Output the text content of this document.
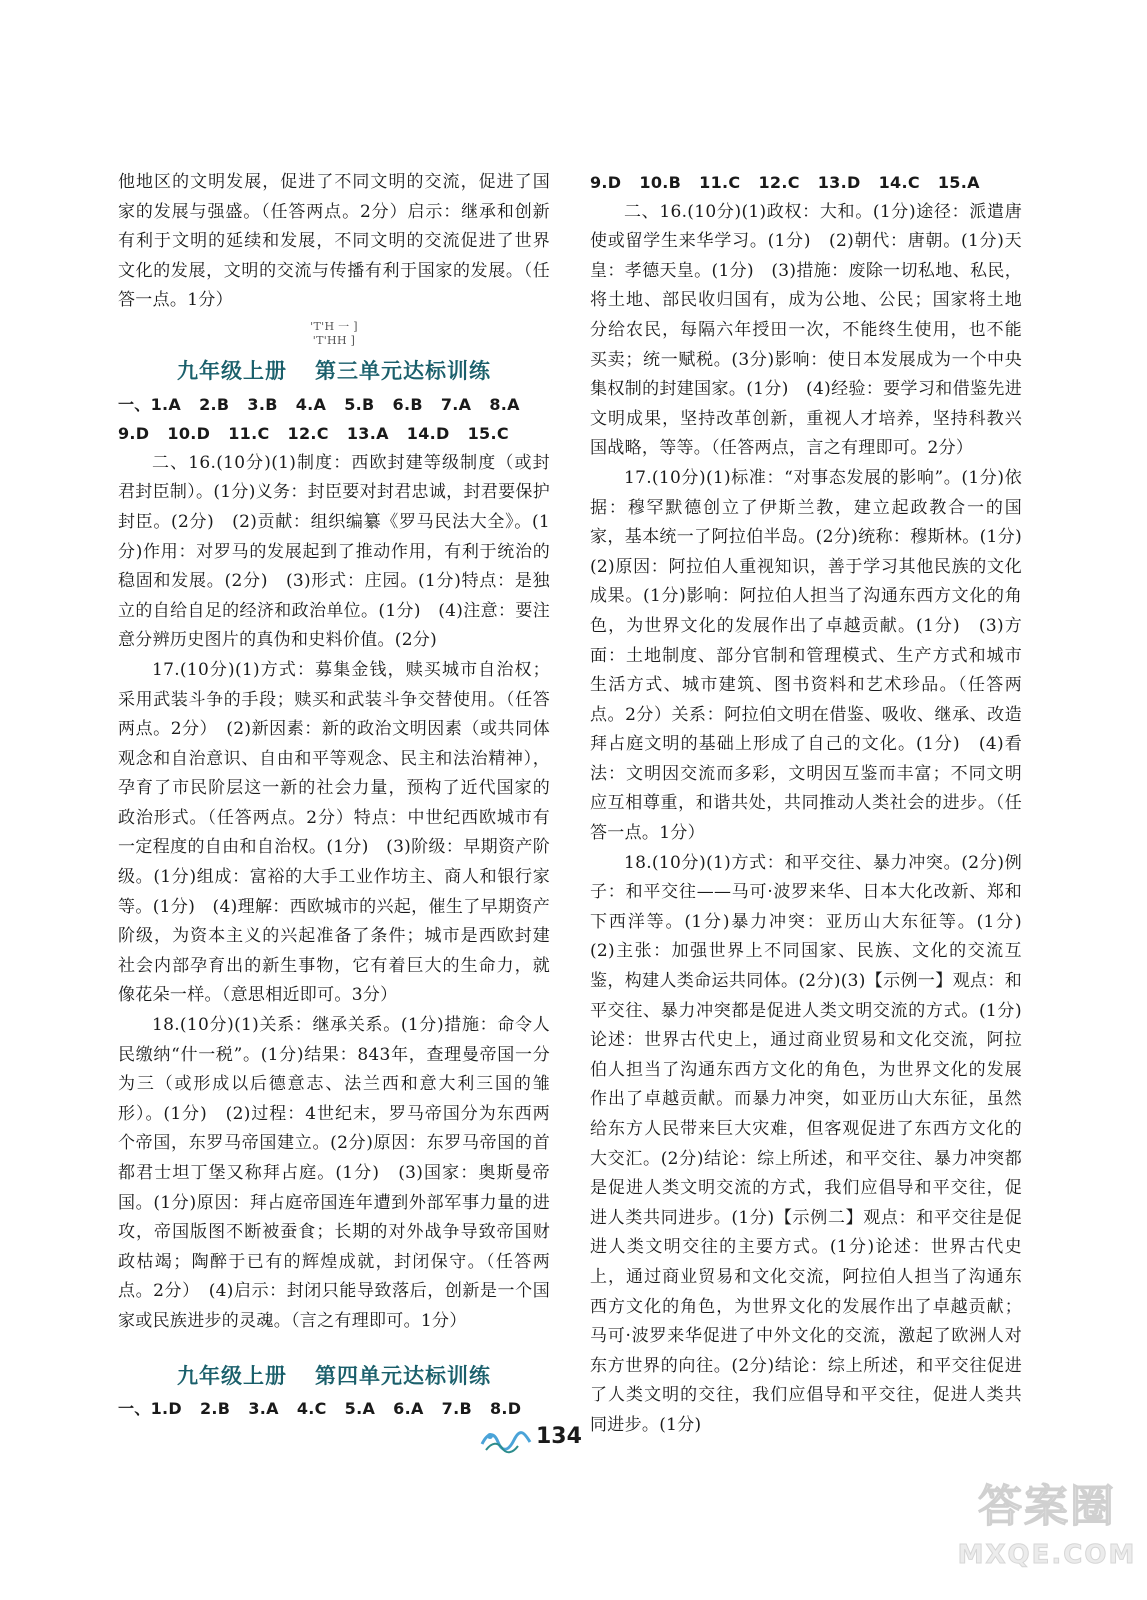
他地区的文明发展，促进了不同文明的交流，促进了国家的发展与强盛。（任答两点。2分）启示：继承和创新有利于文明的延续和发展，不同文明的交流促进了世界文化的发展，文明的交流与传播有利于国家的发展。（任答一点。1分）

'T'H 一 ]
'T'HH ]
九年级上册 第三单元达标训练
一、1.A 2.B 3.B 4.A 5.B 6.B 7.A 8.A
9.D 10.D 11.C 12.C 13.A 14.D 15.C

二、16.(10分)(1)制度：西欧封建等级制度（或封君封臣制）。(1分)义务：封臣要对封君忠诚，封君要保护封臣。(2分)　(2)贡献：组织编纂《罗马民法大全》。(1分)作用：对罗马的发展起到了推动作用，有利于统治的稳固和发展。(2分)　(3)形式：庄园。(1分)特点：是独立的自给自足的经济和政治单位。(1分)　(4)注意：要注意分辨历史图片的真伪和史料价值。(2分)

17.(10分)(1)方式：募集金钱，赎买城市自治权；采用武装斗争的手段；赎买和武装斗争交替使用。（任答两点。2分）　(2)新因素：新的政治文明因素（或共同体观念和自治意识、自由和平等观念、民主和法治精神），孕育了市民阶层这一新的社会力量，预构了近代国家的政治形式。（任答两点。2分）特点：中世纪西欧城市有一定程度的自由和自治权。(1分)　(3)阶级：早期资产阶级。(1分)组成：富裕的大手工业作坊主、商人和银行家等。(1分)　(4)理解：西欧城市的兴起，催生了早期资产阶级，为资本主义的兴起准备了条件；城市是西欧封建社会内部孕育出的新生事物，它有着巨大的生命力，就像花朵一样。（意思相近即可。3分）

18.(10分)(1)关系：继承关系。(1分)措施：命令人民缴纳“什一税”。(1分)结果：843年，查理曼帝国一分为三（或形成以后德意志、法兰西和意大利三国的雏形）。(1分)　(2)过程：4世纪末，罗马帝国分为东西两个帝国，东罗马帝国建立。(2分)原因：东罗马帝国的首都君士坦丁堡又称拜占庭。(1分)　(3)国家：奥斯曼帝国。(1分)原因：拜占庭帝国连年遭到外部军事力量的进攻，帝国版图不断被蚕食；长期的对外战争导致帝国财政枯竭；陶醉于已有的辉煌成就，封闭保守。（任答两点。2分）　(4)启示：封闭只能导致落后，创新是一个国家或民族进步的灵魂。（言之有理即可。1分）

九年级上册 第四单元达标训练
一、1.D 2.B 3.A 4.C 5.A 6.A 7.B 8.D
9.D 10.B 11.C 12.C 13.D 14.C 15.A

二、16.(10分)(1)政权：大和。(1分)途径：派遣唐使或留学生来华学习。(1分)　(2)朝代：唐朝。(1分)天皇：孝德天皇。(1分)　(3)措施：废除一切私地、私民，将土地、部民收归国有，成为公地、公民；国家将土地分给农民，每隔六年授田一次，不能终生使用，也不能买卖；统一赋税。(3分)影响：使日本发展成为一个中央集权制的封建国家。(1分)　(4)经验：要学习和借鉴先进文明成果，坚持改革创新，重视人才培养，坚持科教兴国战略，等等。（任答两点，言之有理即可。2分）

17.(10分)(1)标准：“对事态发展的影响”。(1分)依据：穆罕默德创立了伊斯兰教，建立起政教合一的国家，基本统一了阿拉伯半岛。(2分)统称：穆斯林。(1分)　(2)原因：阿拉伯人重视知识，善于学习其他民族的文化成果。(1分)影响：阿拉伯人担当了沟通东西方文化的角色，为世界文化的发展作出了卓越贡献。(1分)　(3)方面：土地制度、部分官制和管理模式、生产方式和城市生活方式、城市建筑、图书资料和艺术珍品。（任答两点。2分）关系：阿拉伯文明在借鉴、吸收、继承、改造拜占庭文明的基础上形成了自己的文化。(1分)　(4)看法：文明因交流而多彩，文明因互鉴而丰富；不同文明应互相尊重，和谐共处，共同推动人类社会的进步。（任答一点。1分）

18.(10分)(1)方式：和平交往、暴力冲突。(2分)例子：和平交往——马可·波罗来华、日本大化改新、郑和下西洋等。(1分)暴力冲突：亚历山大东征等。(1分)　(2)主张：加强世界上不同国家、民族、文化的交流互鉴，构建人类命运共同体。(2分)(3)【示例一】观点：和平交往、暴力冲突都是促进人类文明交流的方式。(1分)论述：世界古代史上，通过商业贸易和文化交流，阿拉伯人担当了沟通东西方文化的角色，为世界文化的发展作出了卓越贡献。而暴力冲突，如亚历山大东征，虽然给东方人民带来巨大灾难，但客观促进了东西方文化的大交汇。(2分)结论：综上所述，和平交往、暴力冲突都是促进人类文明交流的方式，我们应倡导和平交往，促进人类共同进步。(1分)【示例二】观点：和平交往是促进人类文明交往的主要方式。(1分)论述：世界古代史上，通过商业贸易和文化交流，阿拉伯人担当了沟通东西方文化的角色，为世界文化的发展作出了卓越贡献；马可·波罗来华促进了中外文化的交流，激起了欧洲人对东方世界的向往。(2分)结论：综上所述，和平交往促进了人类文明的交往，我们应倡导和平交往，促进人类共同进步。(1分)

134
答案圈
MXQE.COM
